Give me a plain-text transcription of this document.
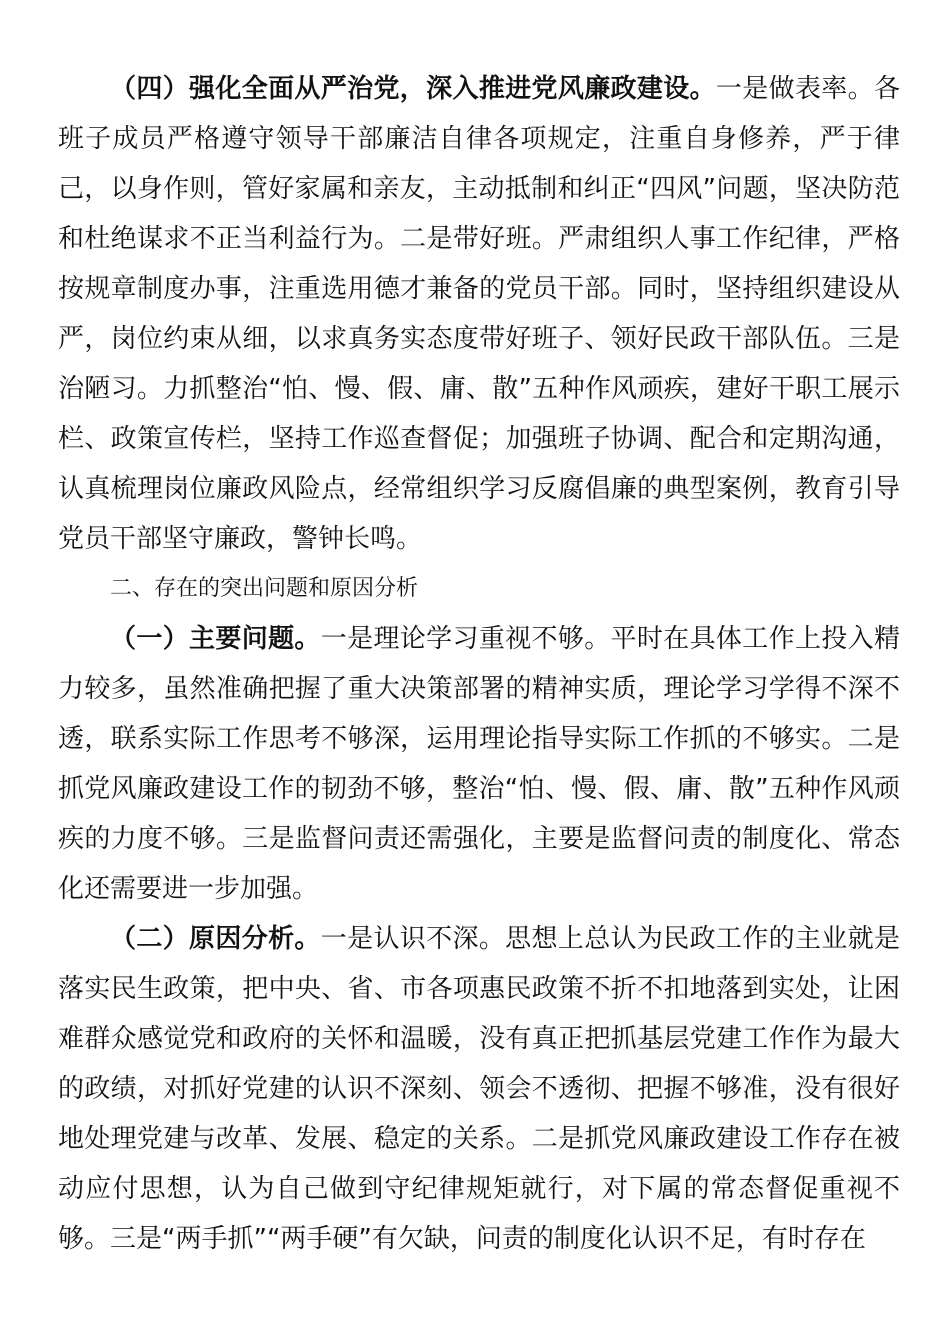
（四）强化全面从严治党，深入推进党风廉政建设。一是做表率。各班子成员严格遵守领导干部廉洁自律各项规定，注重自身修养，严于律己，以身作则，管好家属和亲友，主动抵制和纠正“四风”问题，坚决防范和杜绝谋求不正当利益行为。二是带好班。严肃组织人事工作纪律，严格按规章制度办事，注重选用德才兼备的党员干部。同时，坚持组织建设从严，岗位约束从细，以求真务实态度带好班子、领好民政干部队伍。三是治陋习。力抓整治“怕、慢、假、庸、散”五种作风顽疾，建好干职工展示栏、政策宣传栏，坚持工作巡查督促；加强班子协调、配合和定期沟通，认真梳理岗位廉政风险点，经常组织学习反腐倡廉的典型案例，教育引导党员干部坚守廉政，警钟长鸣。

二、存在的突出问题和原因分析

（一）主要问题。一是理论学习重视不够。平时在具体工作上投入精力较多，虽然准确把握了重大决策部署的精神实质，理论学习学得不深不透，联系实际工作思考不够深，运用理论指导实际工作抓的不够实。二是抓党风廉政建设工作的韧劲不够，整治“怕、慢、假、庸、散”五种作风顽疾的力度不够。三是监督问责还需强化，主要是监督问责的制度化、常态化还需要进一步加强。

（二）原因分析。一是认识不深。思想上总认为民政工作的主业就是落实民生政策，把中央、省、市各项惠民政策不折不扣地落到实处，让困难群众感觉党和政府的关怀和温暖，没有真正把抓基层党建工作作为最大的政绩，对抓好党建的认识不深刻、领会不透彻、把握不够准，没有很好地处理党建与改革、发展、稳定的关系。二是抓党风廉政建设工作存在被动应付思想，认为自己做到守纪律规矩就行，对下属的常态督促重视不够。三是“两手抓”“两手硬”有欠缺，问责的制度化认识不足，有时存在
